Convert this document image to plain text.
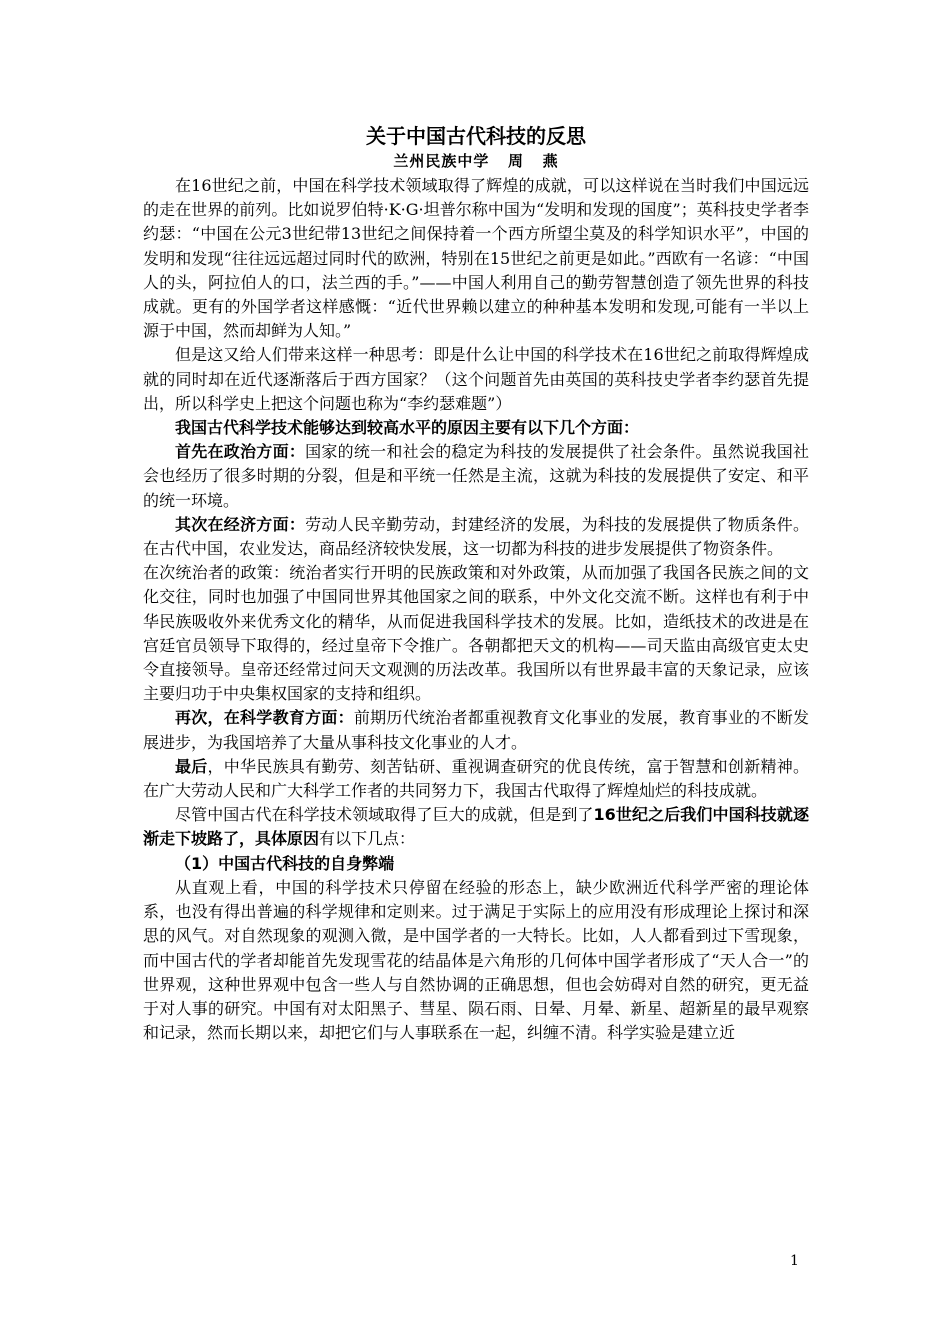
关于中国古代科技的反思
兰州民族中学   周   燕

在16世纪之前，中国在科学技术领域取得了辉煌的成就，可以这样说在当时我们中国远远的走在世界的前列。比如说罗伯特·K·G·坦普尔称中国为“发明和发现的国度”；英科技史学者李约瑟：“中国在公元3世纪带13世纪之间保持着一个西方所望尘莫及的科学知识水平”，中国的发明和发现“往往远远超过同时代的欧洲，特别在15世纪之前更是如此。”西欧有一名谚：“中国人的头，阿拉伯人的口，法兰西的手。”——中国人利用自己的勤劳智慧创造了领先世界的科技成就。更有的外国学者这样感慨：“近代世界赖以建立的种种基本发明和发现,可能有一半以上源于中国，然而却鲜为人知。”

但是这又给人们带来这样一种思考：即是什么让中国的科学技术在16世纪之前取得辉煌成就的同时却在近代逐渐落后于西方国家？（这个问题首先由英国的英科技史学者李约瑟首先提出，所以科学史上把这个问题也称为“李约瑟难题”）

我国古代科学技术能够达到较高水平的原因主要有以下几个方面：

首先在政治方面：国家的统一和社会的稳定为科技的发展提供了社会条件。虽然说我国社会也经历了很多时期的分裂，但是和平统一任然是主流，这就为科技的发展提供了安定、和平的统一环境。

其次在经济方面：劳动人民辛勤劳动，封建经济的发展，为科技的发展提供了物质条件。在古代中国，农业发达，商品经济较快发展，这一切都为科技的进步发展提供了物资条件。

在次统治者的政策：统治者实行开明的民族政策和对外政策，从而加强了我国各民族之间的文化交往，同时也加强了中国同世界其他国家之间的联系，中外文化交流不断。这样也有利于中华民族吸收外来优秀文化的精华，从而促进我国科学技术的发展。比如，造纸技术的改进是在宫廷官员领导下取得的，经过皇帝下令推广。各朝都把天文的机构——司天监由高级官吏太史令直接领导。皇帝还经常过问天文观测的历法改革。我国所以有世界最丰富的天象记录，应该主要归功于中央集权国家的支持和组织。

再次，在科学教育方面：前期历代统治者都重视教育文化事业的发展，教育事业的不断发展进步，为我国培养了大量从事科技文化事业的人才。

最后，中华民族具有勤劳、刻苦钻研、重视调查研究的优良传统，富于智慧和创新精神。在广大劳动人民和广大科学工作者的共同努力下，我国古代取得了辉煌灿烂的科技成就。

尽管中国古代在科学技术领域取得了巨大的成就，但是到了16世纪之后我们中国科技就逐渐走下坡路了，具体原因有以下几点：

（1）中国古代科技的自身弊端

从直观上看，中国的科学技术只停留在经验的形态上，缺少欧洲近代科学严密的理论体系，也没有得出普遍的科学规律和定则来。过于满足于实际上的应用没有形成理论上探讨和深思的风气。对自然现象的观测入微，是中国学者的一大特长。比如，人人都看到过下雪现象，而中国古代的学者却能首先发现雪花的结晶体是六角形的几何体中国学者形成了“天人合一”的世界观，这种世界观中包含一些人与自然协调的正确思想，但也会妨碍对自然的研究，更无益于对人事的研究。中国有对太阳黑子、彗星、陨石雨、日晕、月晕、新星、超新星的最早观察和记录，然而长期以来，却把它们与人事联系在一起，纠缠不清。科学实验是建立近

1
